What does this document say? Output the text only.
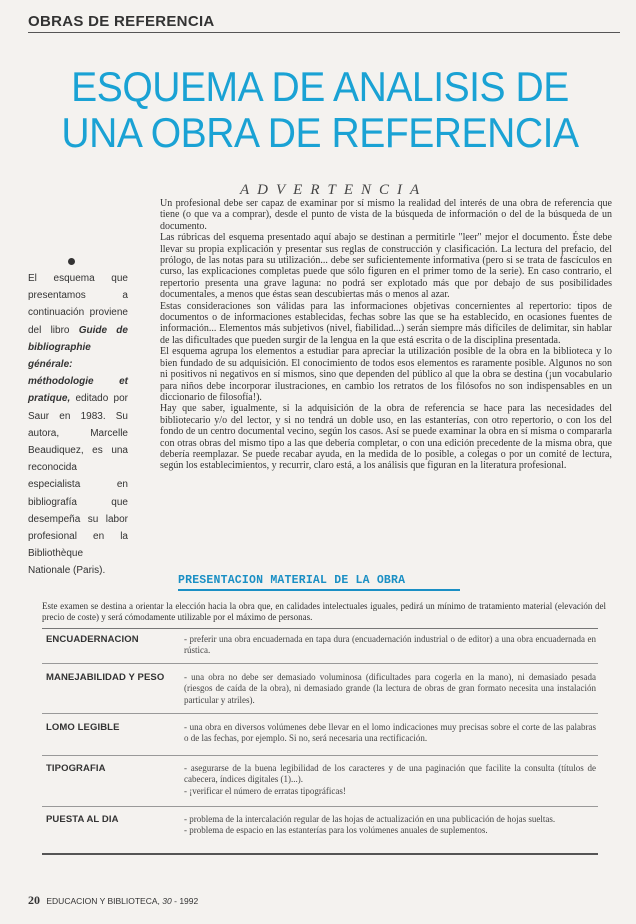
OBRAS DE REFERENCIA
ESQUEMA DE ANALISIS DE
UNA OBRA DE REFERENCIA
ADVERTENCIA
El esquema que presentamos a continuación proviene del libro Guide de bibliographie générale: méthodologie et pratique, editado por Saur en 1983. Su autora, Marcelle Beaudiquez, es una reconocida especialista en bibliografía que desempeña su labor profesional en la Bibliothèque Nationale (Paris).

Un profesional debe ser capaz de examinar por sí mismo la realidad del interés de una obra de referencia que tiene (o que va a comprar), desde el punto de vista de la búsqueda de información o del de la búsqueda de un documento.

Las rúbricas del esquema presentado aquí abajo se destinan a permitirle "leer" mejor el documento. Éste debe llevar su propia explicación y presentar sus reglas de construcción y clasificación. La lectura del prefacio, del prólogo, de las notas para su utilización... debe ser suficientemente informativa (pero si se trata de fascículos en curso, las explicaciones completas puede que sólo figuren en el primer tomo de la serie). En caso contrario, el repertorio presenta una grave laguna: no podrá ser explotado más que por debajo de sus posibilidades documentales, a menos que éstas sean descubiertas más o menos al azar.

Estas consideraciones son válidas para las informaciones objetivas concernientes al repertorio: tipos de documentos o de informaciones establecidas, fechas sobre las que se ha establecido, en ocasiones fuentes de información... Elementos más subjetivos (nivel, fiabilidad...) serán siempre más difíciles de delimitar, sin hablar de las dificultades que pueden surgir de la lengua en la que está escrita o de la disciplina presentada.

El esquema agrupa los elementos a estudiar para apreciar la utilización posible de la obra en la biblioteca y lo bien fundado de su adquisición. El conocimiento de todos esos elementos es raramente posible. Algunos no son ni positivos ni negativos en sí mismos, sino que dependen del público al que la obra se destina (¡un vocabulario para niños debe incorporar ilustraciones, en cambio los retratos de los filósofos no son indispensables en un diccionario de filosofía!).

Hay que saber, igualmente, si la adquisición de la obra de referencia se hace para las necesidades del bibliotecario y/o del lector, y si no tendrá un doble uso, en las estanterías, con otro repertorio, o con los del fondo de un centro documental vecino, según los casos. Así se puede examinar la obra en sí misma o compararla con otras obras del mismo tipo a las que debería completar, o con una edición precedente de la misma obra, que debería reemplazar. Se puede recabar ayuda, en la medida de lo posible, a colegas o por un comité de lectura, según los establecimientos, y recurrir, claro está, a los análisis que figuran en la literatura profesional.

PRESENTACION MATERIAL DE LA OBRA
Este examen se destina a orientar la elección hacia la obra que, en calidades intelectuales iguales, pedirá un mínimo de tratamiento material (elevación del precio de coste) y será cómodamente utilizable por el máximo de personas.
ENCUADERNACION	- preferir una obra encuadernada en tapa dura (encuadernación industrial o de editor) a una obra encuadernada en rústica.

MANEJABILIDAD Y PESO - una obra no debe ser demasiado voluminosa (dificultades para cogerla en la mano), ni demasiado pesada (riesgos de caída de la obra), ni demasiado grande (la lectura de obras de gran formato necesita una instalación particular y atriles).

LOMO LEGIBLE	- una obra en diversos volúmenes debe llevar en el lomo indicaciones muy precisas sobre el corte de las palabras o de las fechas, por ejemplo. Si no, será necesaria una rectificación.

TIPOGRAFIA	- asegurarse de la buena legibilidad de los caracteres y de una paginación que facilite la consulta (títulos de cabecera, índices digitales (1)...).

- ¡verificar el número de erratas tipográficas!

PUESTA AL DIA	- problema de la intercalación regular de las hojas de actualización en una publicación de hojas sueltas.

- problema de espacio en las estanterías para los volúmenes anuales de suplementos.

20 EDUCACION Y BIBLIOTECA, 30 - 1992
